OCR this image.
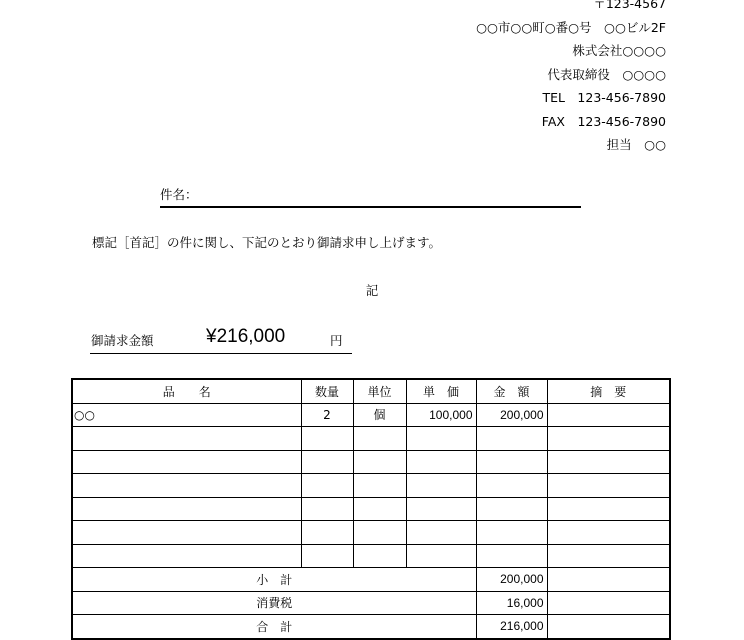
〒123-4567
○○市○○町○番○号　○○ビル2F
株式会社○○○○
代表取締役　○○○○
TEL　123-456-7890
FAX　123-456-7890
担当　○○
件名：
標記［首記］の件に関し、下記のとおり御請求申し上げます。
記
御請求金額	¥216,000	円
品　　名	数量	単位	単　価	金　額	摘　要
○○	2	個	100,000	200,000	

小　計				200,000	
消費税				16,000	
合　計				216,000	
